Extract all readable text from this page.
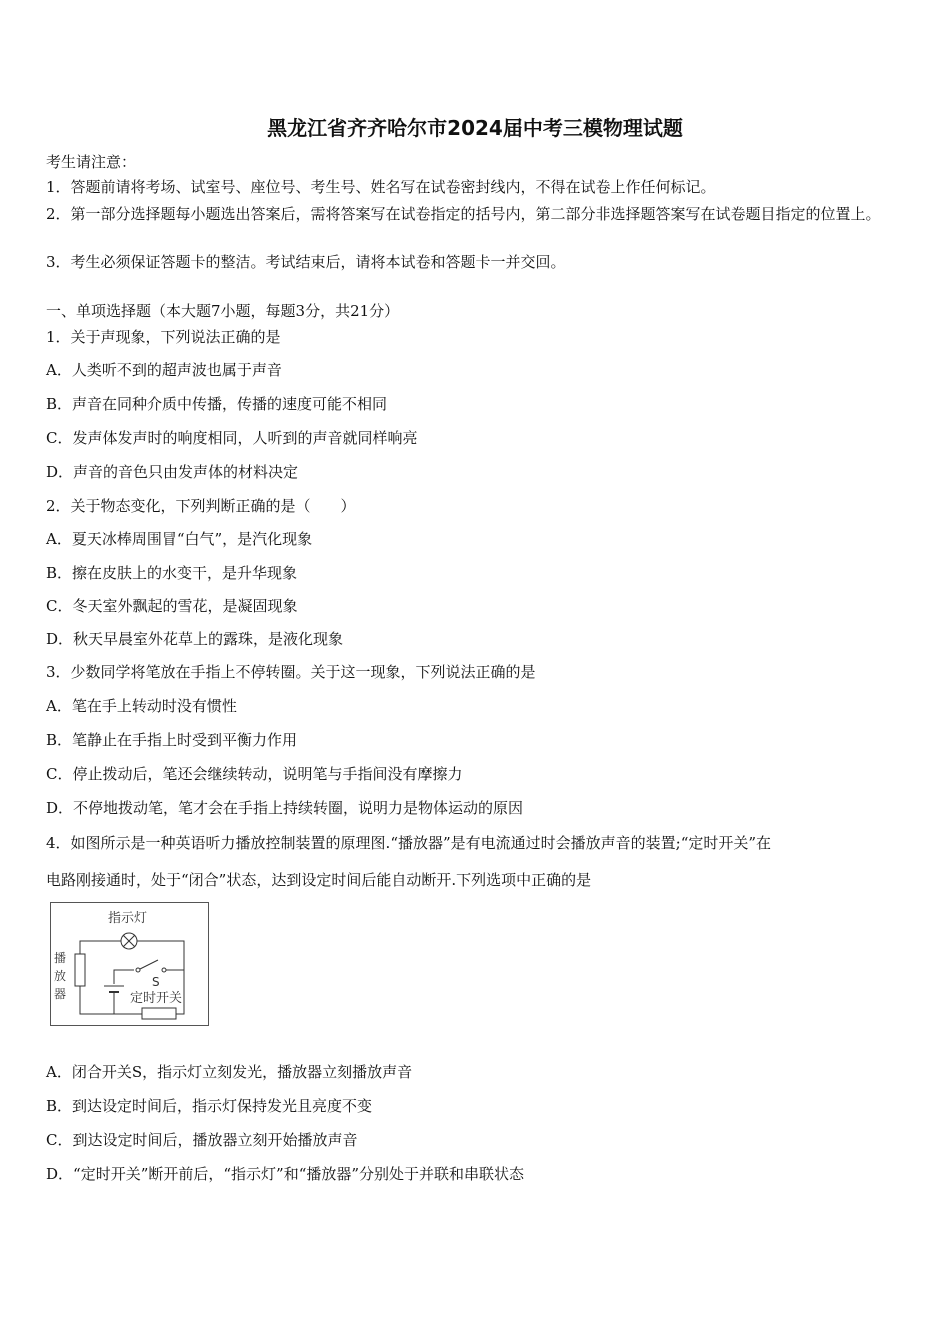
黑龙江省齐齐哈尔市2024届中考三模物理试题
考生请注意：
1．答题前请将考场、试室号、座位号、考生号、姓名写在试卷密封线内，不得在试卷上作任何标记。
2．第一部分选择题每小题选出答案后，需将答案写在试卷指定的括号内，第二部分非选择题答案写在试卷题目指定的位置上。
3．考生必须保证答题卡的整洁。考试结束后，请将本试卷和答题卡一并交回。
一、单项选择题（本大题7小题，每题3分，共21分）
1．关于声现象，下列说法正确的是
A．人类听不到的超声波也属于声音
B．声音在同种介质中传播，传播的速度可能不相同
C．发声体发声时的响度相同，人听到的声音就同样响亮
D．声音的音色只由发声体的材料决定
2．关于物态变化，下列判断正确的是（　　）
A．夏天冰棒周围冒“白气”，是汽化现象
B．擦在皮肤上的水变干，是升华现象
C．冬天室外飘起的雪花，是凝固现象
D．秋天早晨室外花草上的露珠，是液化现象
3．少数同学将笔放在手指上不停转圈。关于这一现象，下列说法正确的是
A．笔在手上转动时没有惯性
B．笔静止在手指上时受到平衡力作用
C．停止拨动后，笔还会继续转动，说明笔与手指间没有摩擦力
D．不停地拨动笔，笔才会在手指上持续转圈，说明力是物体运动的原因
4．如图所示是一种英语听力播放控制装置的原理图.“播放器”是有电流通过时会播放声音的装置;“定时开关”在
电路刚接通时，处于“闭合”状态，达到设定时间后能自动断开.下列选项中正确的是
指示灯
播
放
器
S
定时开关
A．闭合开关S，指示灯立刻发光，播放器立刻播放声音
B．到达设定时间后，指示灯保持发光且亮度不变
C．到达设定时间后，播放器立刻开始播放声音
D．“定时开关”断开前后，“指示灯”和“播放器”分别处于并联和串联状态
